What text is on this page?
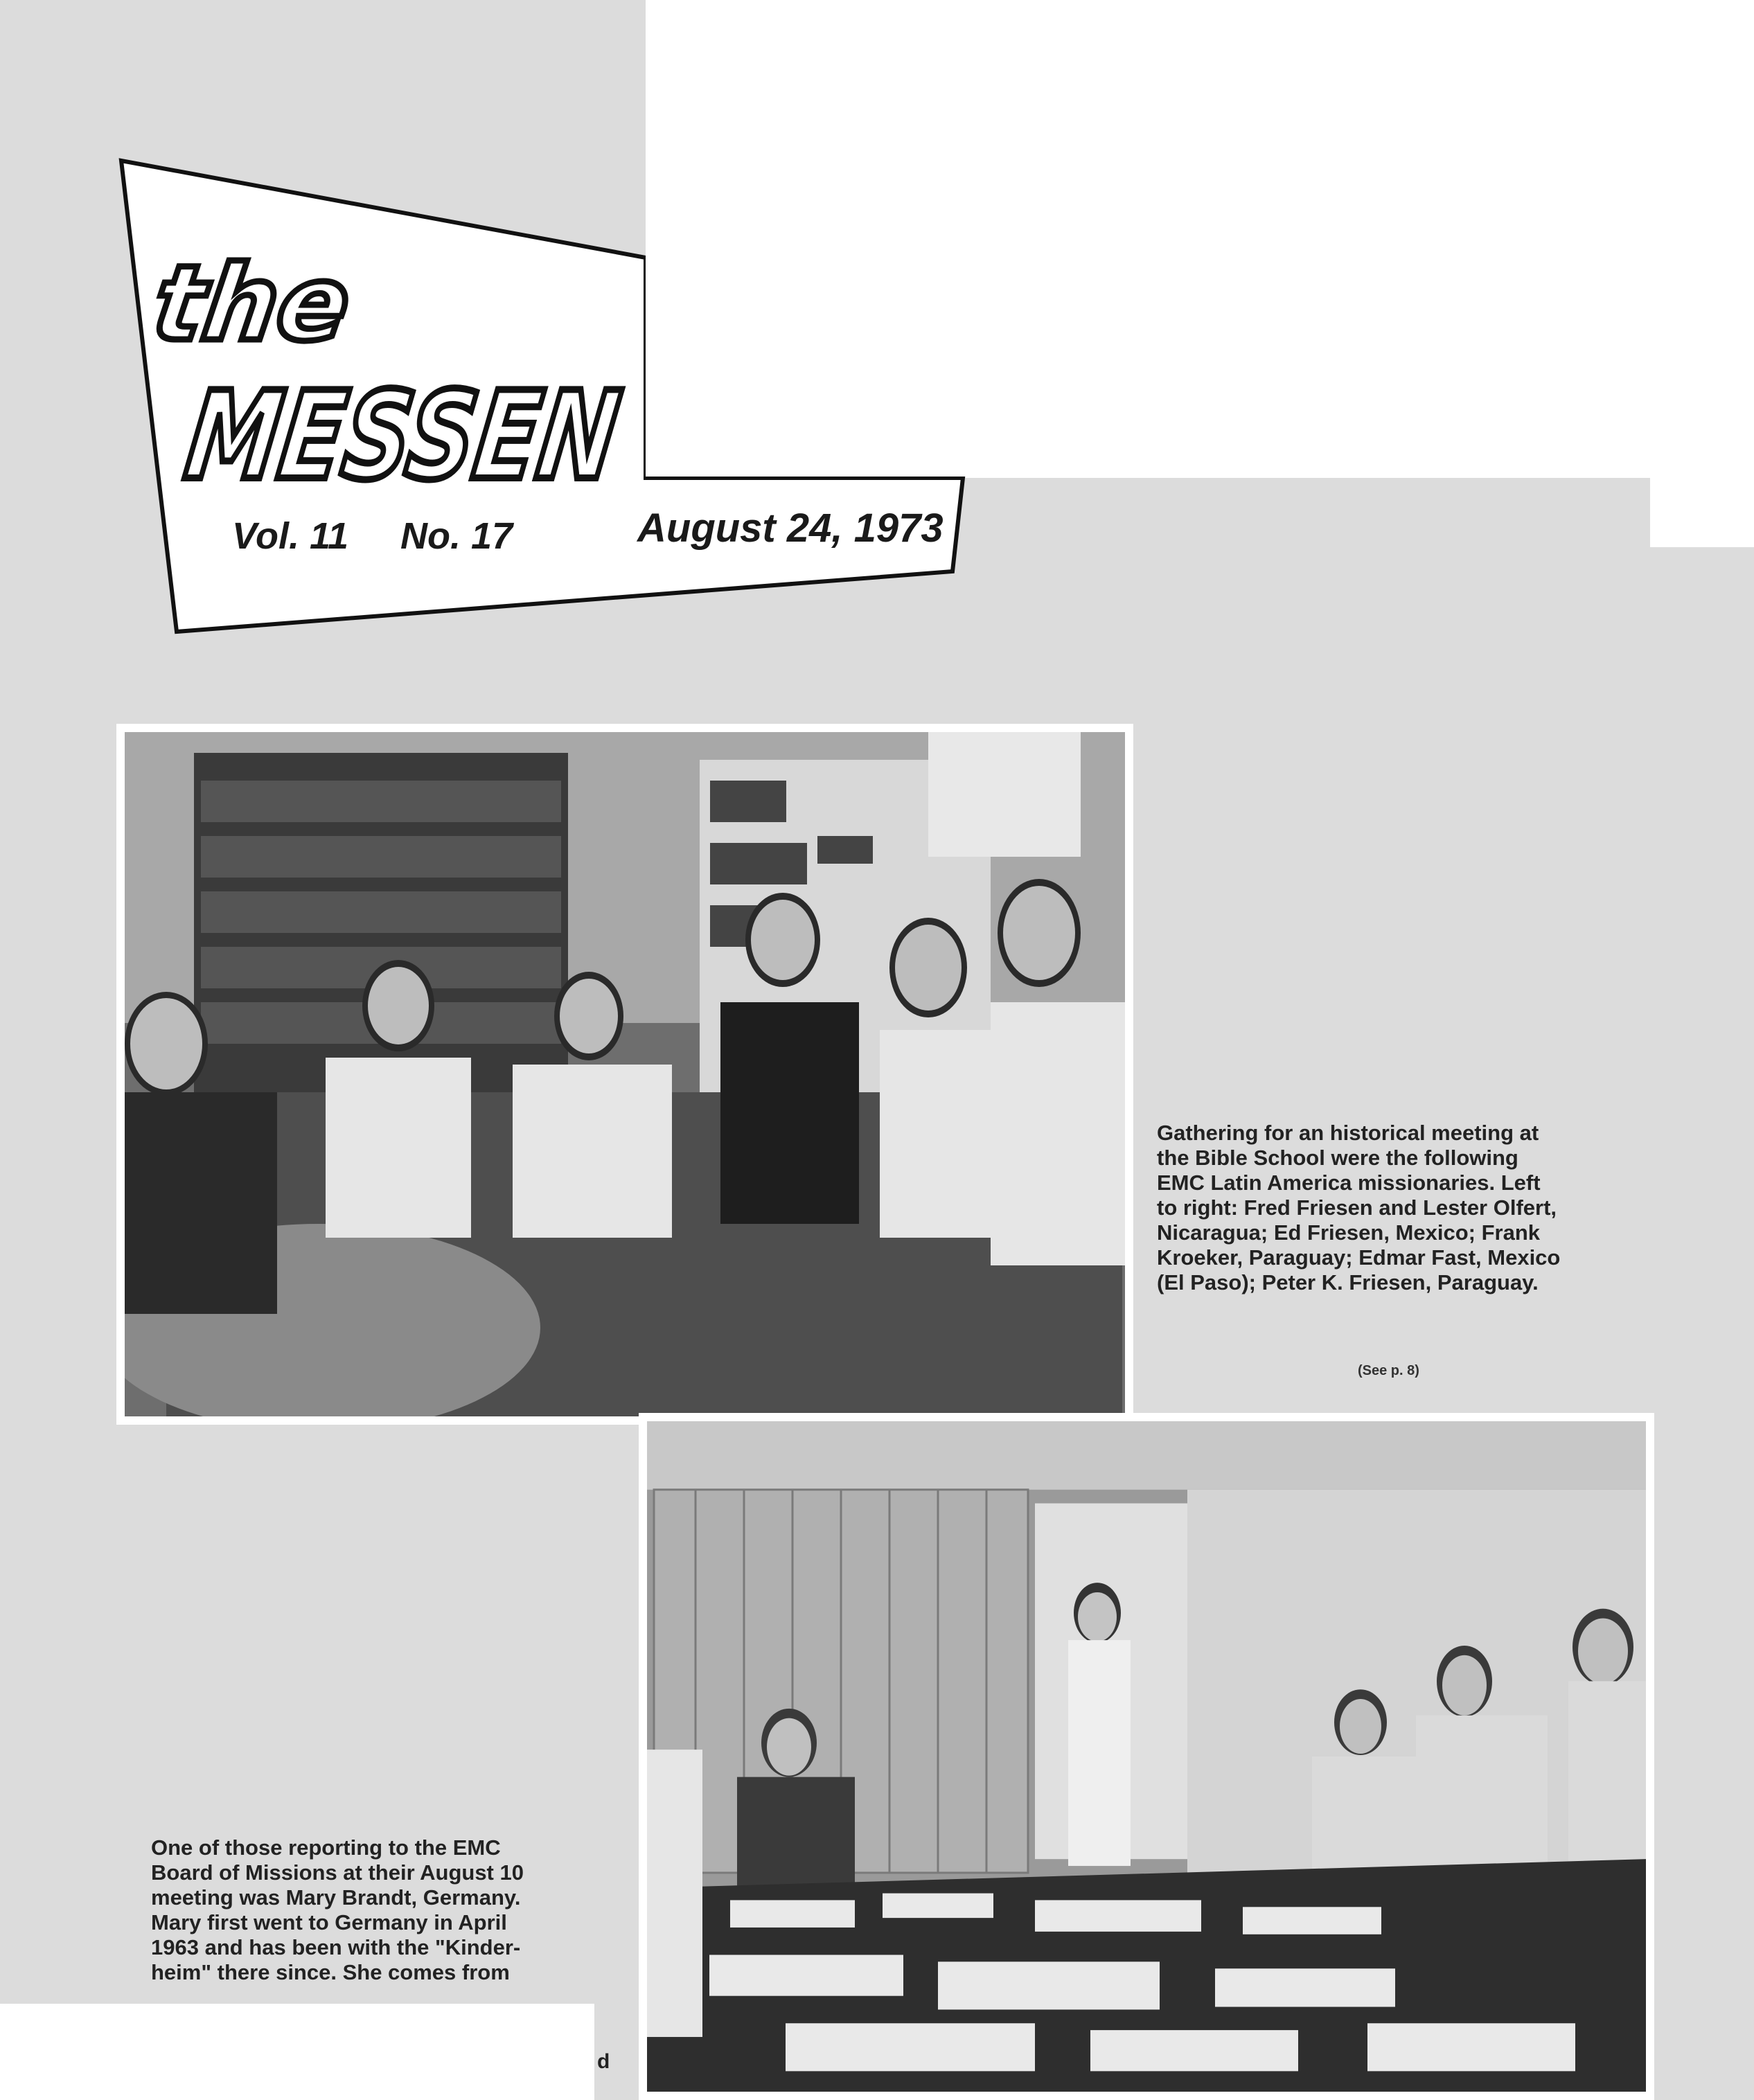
the
MESSEN
Vol. 11 No. 17	August 24, 1973
Gathering for an historical meeting at
the Bible School were the following
EMC Latin America missionaries. Left
to right: Fred Friesen and Lester Olfert,
Nicaragua; Ed Friesen, Mexico; Frank
Kroeker, Paraguay; Edmar Fast, Mexico
(El Paso); Peter K. Friesen, Paraguay.
(See p. 8)
One of those reporting to the EMC
Board of Missions at their August 10
meeting was Mary Brandt, Germany.
Mary first went to Germany in April
1963 and has been with the "Kinder-
heim" there since. She comes from
d
